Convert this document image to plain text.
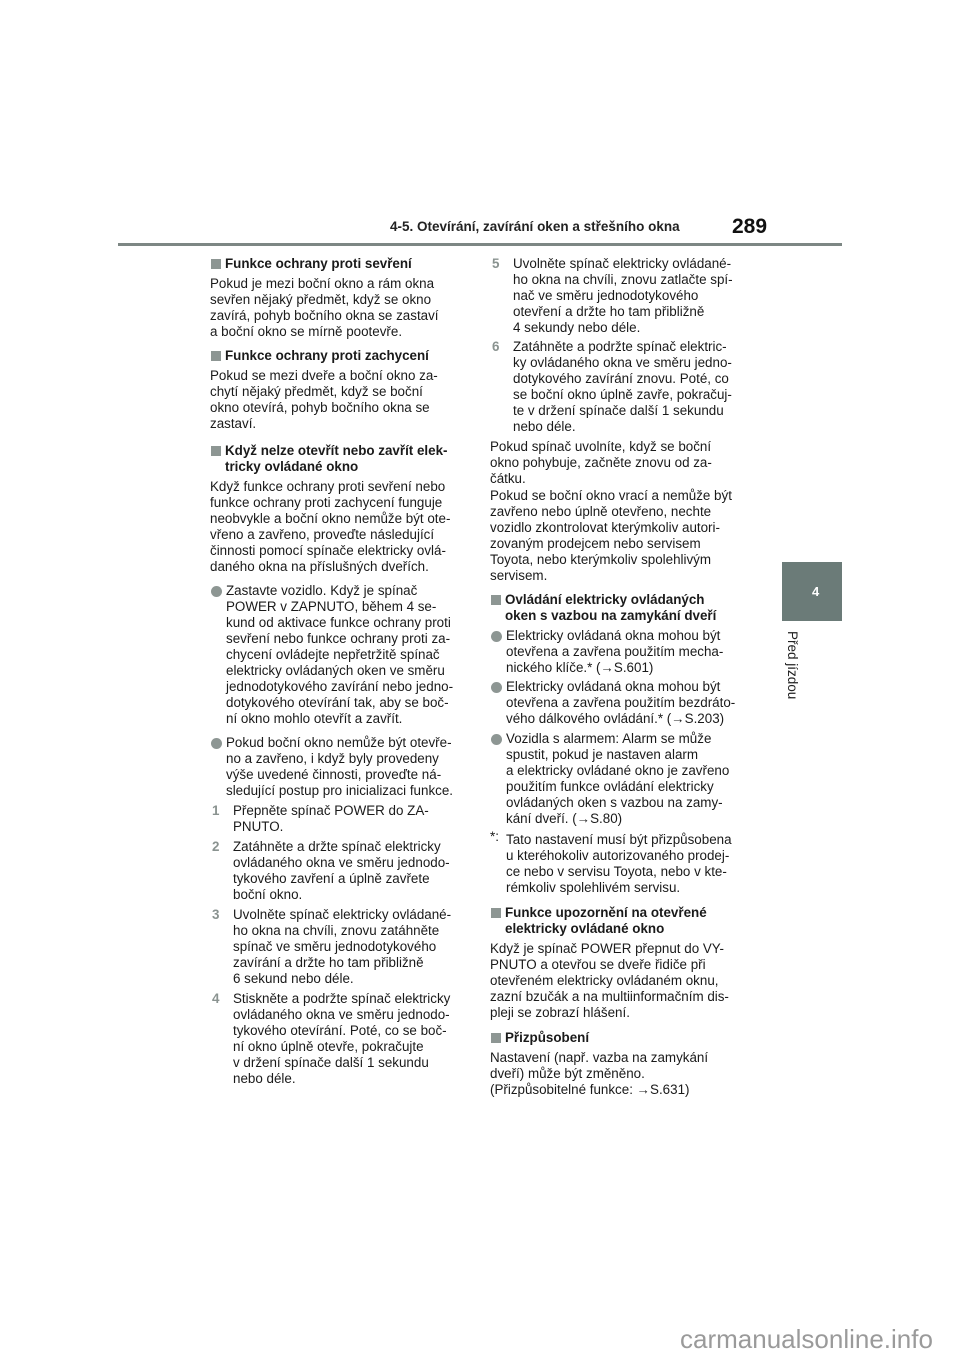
4-5. Otevírání, zavírání oken a střešního okna 289
4
Před jízdou
Funkce ochrany proti sevření

Pokud je mezi boční okno a rám okna
sevřen nějaký předmět, když se okno
zavírá, pohyb bočního okna se zastaví
a boční okno se mírně pootevře.

Funkce ochrany proti zachycení

Pokud se mezi dveře a boční okno za-
chytí nějaký předmět, když se boční
okno otevírá, pohyb bočního okna se
zastaví.

Když nelze otevřít nebo zavřít elek-
tricky ovládané okno

Když funkce ochrany proti sevření nebo
funkce ochrany proti zachycení funguje
neobvykle a boční okno nemůže být ote-
vřeno a zavřeno, proveďte následující
činnosti pomocí spínače elektricky ovlá-
daného okna na příslušných dveřích.

Zastavte vozidlo. Když je spínač
POWER v ZAPNUTO, během 4 se-
kund od aktivace funkce ochrany proti
sevření nebo funkce ochrany proti za-
chycení ovládejte nepřetržitě spínač
elektricky ovládaných oken ve směru
jednodotykového zavírání nebo jedno-
dotykového otevírání tak, aby se boč-
ní okno mohlo otevřít a zavřít.
Pokud boční okno nemůže být otevře-
no a zavřeno, i když byly provedeny
výše uvedené činnosti, proveďte ná-
sledující postup pro inicializaci funkce.
1 Přepněte spínač POWER do ZA-
PNUTO.
2 Zatáhněte a držte spínač elektricky
ovládaného okna ve směru jednodo-
tykového zavření a úplně zavřete
boční okno.
3 Uvolněte spínač elektricky ovládané-
ho okna na chvíli, znovu zatáhněte
spínač ve směru jednodotykového
zavírání a držte ho tam přibližně
6 sekund nebo déle.
4 Stiskněte a podržte spínač elektricky
ovládaného okna ve směru jednodo-
tykového otevírání. Poté, co se boč-
ní okno úplně otevře, pokračujte
v držení spínače další 1 sekundu
nebo déle.
5 Uvolněte spínač elektricky ovládané-
ho okna na chvíli, znovu zatlačte spí-
nač ve směru jednodotykového
otevření a držte ho tam přibližně
4 sekundy nebo déle.
6 Zatáhněte a podržte spínač elektric-
ky ovládaného okna ve směru jedno-
dotykového zavírání znovu. Poté, co
se boční okno úplně zavře, pokračuj-
te v držení spínače další 1 sekundu
nebo déle.

Pokud spínač uvolníte, když se boční
okno pohybuje, začněte znovu od za-
čátku.

Pokud se boční okno vrací a nemůže být
zavřeno nebo úplně otevřeno, nechte
vozidlo zkontrolovat kterýmkoliv autori-
zovaným prodejcem nebo servisem
Toyota, nebo kterýmkoliv spolehlivým
servisem.

Ovládání elektricky ovládaných
oken s vazbou na zamykání dveří
Elektricky ovládaná okna mohou být
otevřena a zavřena použitím mecha-
nického klíče.* (→S.601)
Elektricky ovládaná okna mohou být
otevřena a zavřena použitím bezdráto-
vého dálkového ovládání.* (→S.203)
Vozidla s alarmem: Alarm se může
spustit, pokud je nastaven alarm
a elektricky ovládané okno je zavřeno
použitím funkce ovládání elektricky
ovládaných oken s vazbou na zamy-
kání dveří. (→S.80)
*: Tato nastavení musí být přizpůsobena
u kteréhokoliv autorizovaného prodej-
ce nebo v servisu Toyota, nebo v kte-
rémkoliv spolehlivém servisu.
Funkce upozornění na otevřené
elektricky ovládané okno

Když je spínač POWER přepnut do VY-
PNUTO a otevřou se dveře řidiče při
otevřeném elektricky ovládaném oknu,
zazní bzučák a na multiinformačním dis-
pleji se zobrazí hlášení.

Přizpůsobení

Nastavení (např. vazba na zamykání
dveří) může být změněno.
(Přizpůsobitelné funkce: →S.631)

carmanualsonline.info
